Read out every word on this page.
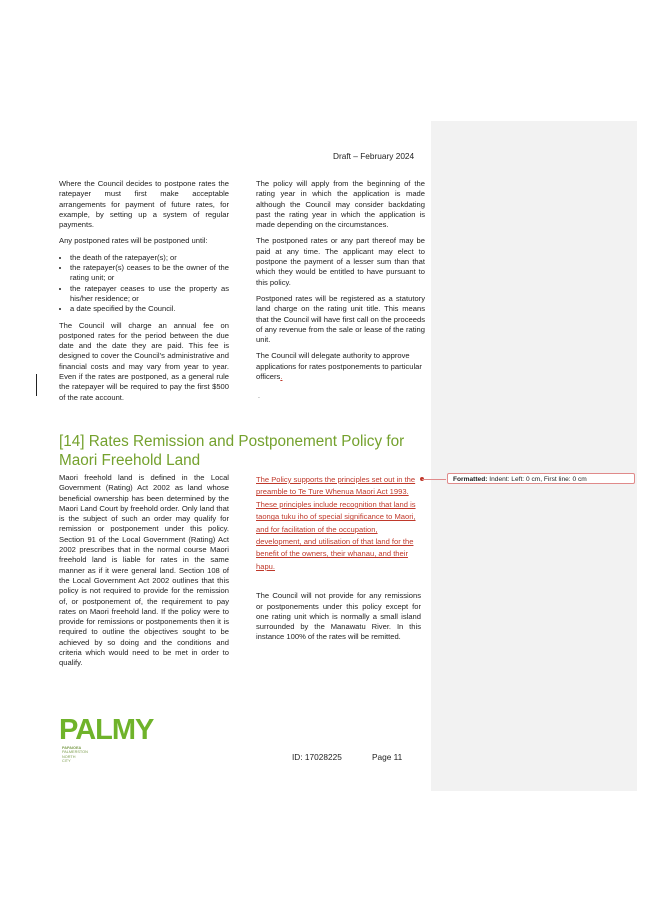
Draft – February 2024

Where the Council decides to postpone rates the ratepayer must first make acceptable arrangements for payment of future rates, for example, by setting up a system of regular payments.

Any postponed rates will be postponed until:

• the death of the ratepayer(s); or
• the ratepayer(s) ceases to be the owner of the rating unit; or
• the ratepayer ceases to use the property as his/her residence; or
• a date specified by the Council.

The Council will charge an annual fee on postponed rates for the period between the due date and the date they are paid. This fee is designed to cover the Council’s administrative and financial costs and may vary from year to year. Even if the rates are postponed, as a general rule the ratepayer will be required to pay the first $500 of the rate account.

The policy will apply from the beginning of the rating year in which the application is made although the Council may consider backdating past the rating year in which the application is made depending on the circumstances.

The postponed rates or any part thereof may be paid at any time. The applicant may elect to postpone the payment of a lesser sum than that which they would be entitled to have pursuant to this policy.

Postponed rates will be registered as a statutory land charge on the rating unit title. This means that the Council will have first call on the proceeds of any revenue from the sale or lease of the rating unit.

The Council will delegate authority to approve applications for rates postponements to particular officers.

.
[14] Rates Remission and Postponement Policy for Maori Freehold Land

Maori freehold land is defined in the Local Government (Rating) Act 2002 as land whose beneficial ownership has been determined by the Maori Land Court by freehold order. Only land that is the subject of such an order may qualify for remission or postponement under this policy. Section 91 of the Local Government (Rating) Act 2002 prescribes that in the normal course Maori freehold land is liable for rates in the same manner as if it were general land. Section 108 of the Local Government Act 2002 outlines that this policy is not required to provide for the remission of, or postponement of, the requirement to pay rates on Maori freehold land. If the policy were to provide for remissions or postponements then it is required to outline the objectives sought to be achieved by so doing and the conditions and criteria which would need to be met in order to qualify.

The Policy supports the principles set out in the preamble to Te Ture Whenua Maori Act 1993. These principles include recognition that land is taonga tuku iho of special significance to Maori, and for facilitation of the occupation, development, and utilisation of that land for the benefit of the owners, their whanau, and their hapu.

The Council will not provide for any remissions or postponements under this policy except for one rating unit which is normally a small island surrounded by the Manawatu River. In this instance 100% of the rates will be remitted.

Formatted: Indent: Left: 0 cm, First line: 0 cm
PALMY
PAPAIOEA
PALMERSTON
NORTH
CITY	ID: 17028225	Page 11
